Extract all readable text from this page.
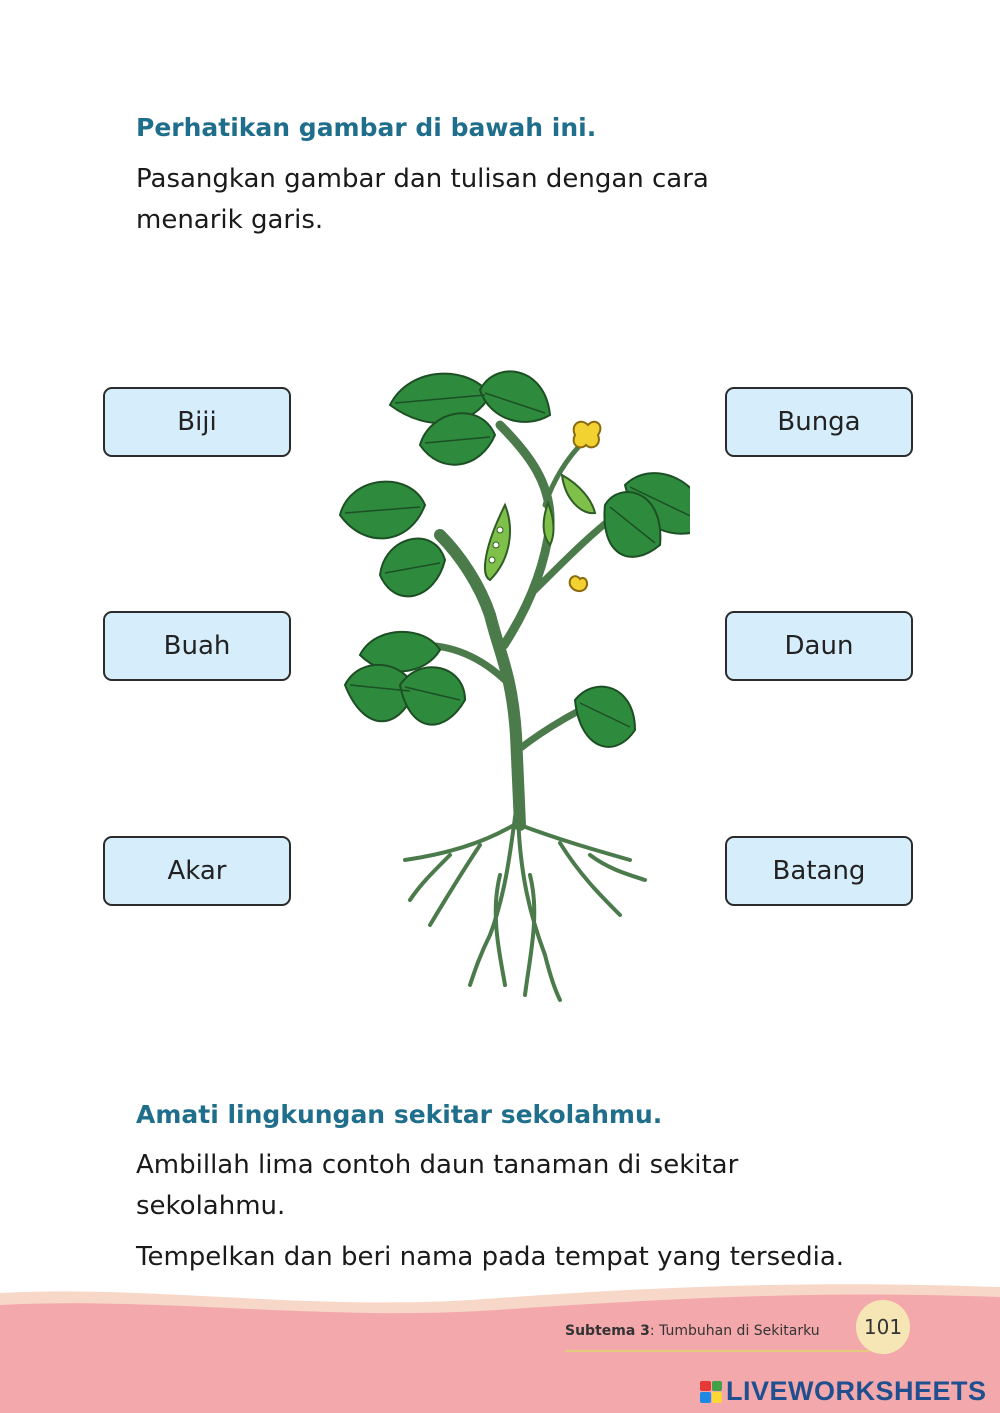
Perhatikan gambar di bawah ini.
Pasangkan gambar dan tulisan dengan cara
menarik garis.
Biji
Buah
Akar
Bunga
Daun
Batang
Amati lingkungan sekitar sekolahmu.
Ambillah lima contoh daun tanaman di sekitar
sekolahmu.
Tempelkan dan beri nama pada tempat yang tersedia.
Subtema 3: Tumbuhan di Sekitarku	101
LIVEWORKSHEETS
